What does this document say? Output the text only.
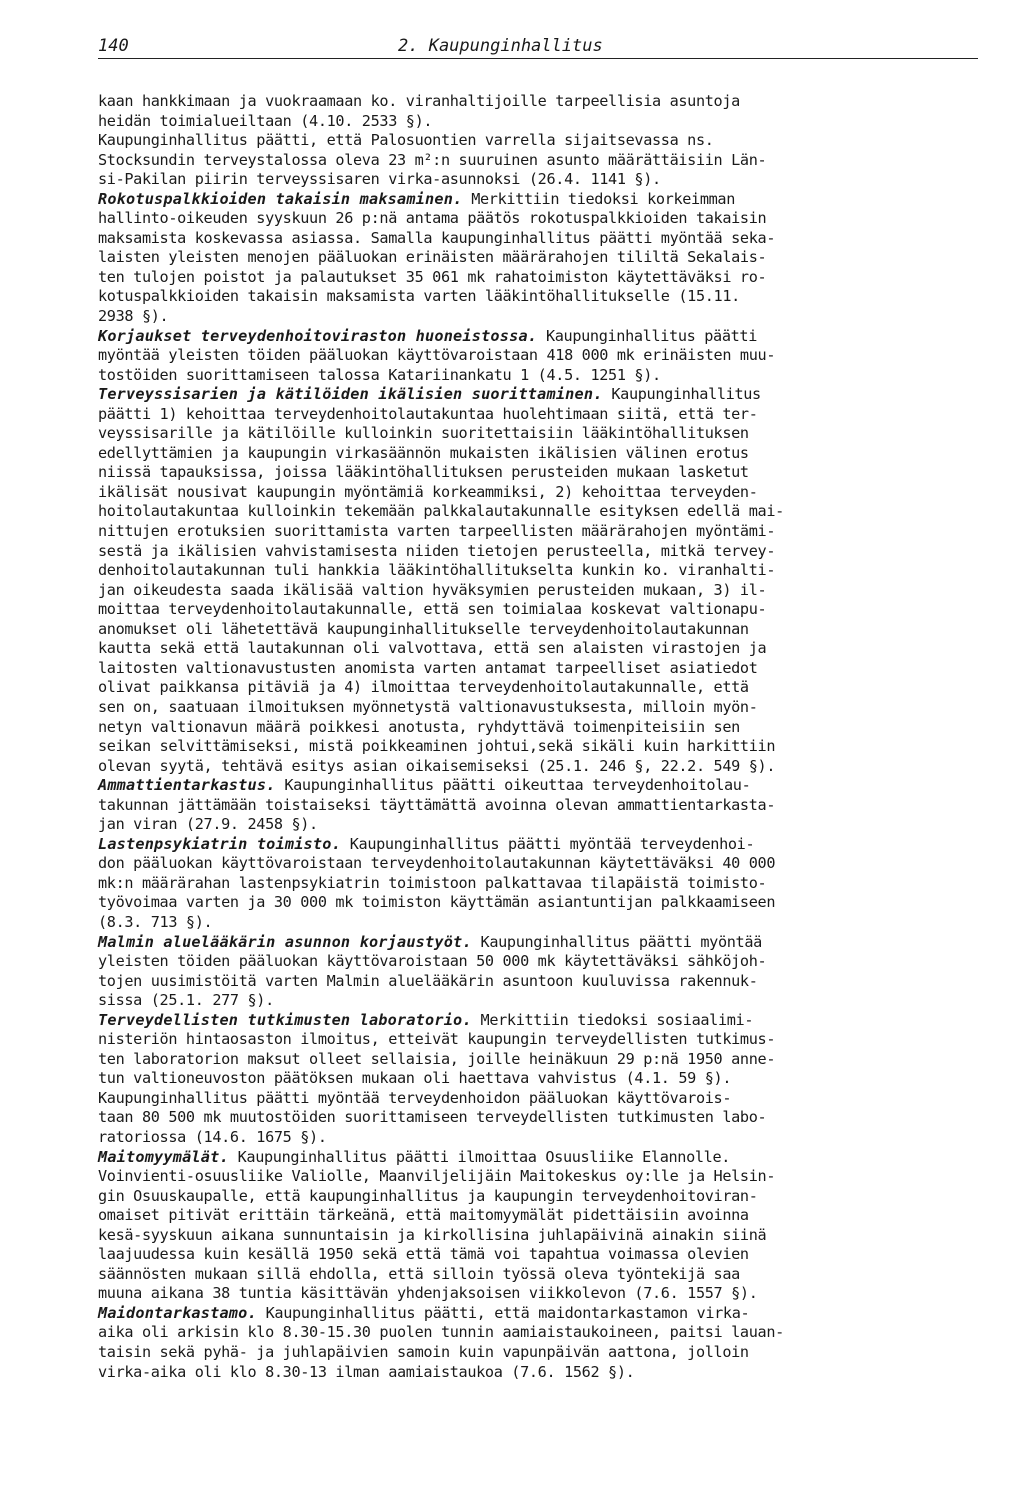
140	2. Kaupunginhallitus
kaan hankkimaan ja vuokraamaan ko. viranhaltijoille tarpeellisia asuntoja
heidän toimialueiltaan (4.10. 2533 §).
Kaupunginhallitus päätti, että Palosuontien varrella sijaitsevassa ns.
Stocksundin terveystalossa oleva 23 m²:n suuruinen asunto määrättäisiin Län-
si-Pakilan piirin terveyssisaren virka-asunnoksi (26.4. 1141 §).
Rokotuspalkkioiden takaisin maksaminen. Merkittiin tiedoksi korkeimman
hallinto-oikeuden syyskuun 26 p:nä antama päätös rokotuspalkkioiden takaisin
maksamista koskevassa asiassa. Samalla kaupunginhallitus päätti myöntää seka-
laisten yleisten menojen pääluokan erinäisten määrärahojen tililtä Sekalais-
ten tulojen poistot ja palautukset 35 061 mk rahatoimiston käytettäväksi ro-
kotuspalkkioiden takaisin maksamista varten lääkintöhallitukselle (15.11.
2938 §).
Korjaukset terveydenhoitoviraston huoneistossa. Kaupunginhallitus päätti
myöntää yleisten töiden pääluokan käyttövaroistaan 418 000 mk erinäisten muu-
tostöiden suorittamiseen talossa Katariinankatu 1 (4.5. 1251 §).
Terveyssisarien ja kätilöiden ikälisien suorittaminen. Kaupunginhallitus
päätti 1) kehoittaa terveydenhoitolautakuntaa huolehtimaan siitä, että ter-
veyssisarille ja kätilöille kulloinkin suoritettaisiin lääkintöhallituksen
edellyttämien ja kaupungin virkasäännön mukaisten ikälisien välinen erotus
niissä tapauksissa, joissa lääkintöhallituksen perusteiden mukaan lasketut
ikälisät nousivat kaupungin myöntämiä korkeammiksi, 2) kehoittaa terveyden-
hoitolautakuntaa kulloinkin tekemään palkkalautakunnalle esityksen edellä mai-
nittujen erotuksien suorittamista varten tarpeellisten määrärahojen myöntämi-
sestä ja ikälisien vahvistamisesta niiden tietojen perusteella, mitkä tervey-
denhoitolautakunnan tuli hankkia lääkintöhallitukselta kunkin ko. viranhalti-
jan oikeudesta saada ikälisää valtion hyväksymien perusteiden mukaan, 3) il-
moittaa terveydenhoitolautakunnalle, että sen toimialaa koskevat valtionapu-
anomukset oli lähetettävä kaupunginhallitukselle terveydenhoitolautakunnan
kautta sekä että lautakunnan oli valvottava, että sen alaisten virastojen ja
laitosten valtionavustusten anomista varten antamat tarpeelliset asiatiedot
olivat paikkansa pitäviä ja 4) ilmoittaa terveydenhoitolautakunnalle, että
sen on, saatuaan ilmoituksen myönnetystä valtionavustuksesta, milloin myön-
netyn valtionavun määrä poikkesi anotusta, ryhdyttävä toimenpiteisiin sen
seikan selvittämiseksi, mistä poikkeaminen johtui,sekä sikäli kuin harkittiin
olevan syytä, tehtävä esitys asian oikaisemiseksi (25.1. 246 §, 22.2. 549 §).
Ammattientarkastus. Kaupunginhallitus päätti oikeuttaa terveydenhoitolau-
takunnan jättämään toistaiseksi täyttämättä avoinna olevan ammattientarkasta-
jan viran (27.9. 2458 §).
Lastenpsykiatrin toimisto. Kaupunginhallitus päätti myöntää terveydenhoi-
don pääluokan käyttövaroistaan terveydenhoitolautakunnan käytettäväksi 40 000
mk:n määrärahan lastenpsykiatrin toimistoon palkattavaa tilapäistä toimisto-
työvoimaa varten ja 30 000 mk toimiston käyttämän asiantuntijan palkkaamiseen
(8.3. 713 §).
Malmin aluelääkärin asunnon korjaustyöt. Kaupunginhallitus päätti myöntää
yleisten töiden pääluokan käyttövaroistaan 50 000 mk käytettäväksi sähköjoh-
tojen uusimistöitä varten Malmin aluelääkärin asuntoon kuuluvissa rakennuk-
sissa (25.1. 277 §).
Terveydellisten tutkimusten laboratorio. Merkittiin tiedoksi sosiaalimi-
nisteriön hintaosaston ilmoitus, etteivät kaupungin terveydellisten tutkimus-
ten laboratorion maksut olleet sellaisia, joille heinäkuun 29 p:nä 1950 anne-
tun valtioneuvoston päätöksen mukaan oli haettava vahvistus (4.1. 59 §).
Kaupunginhallitus päätti myöntää terveydenhoidon pääluokan käyttövarois-
taan 80 500 mk muutostöiden suorittamiseen terveydellisten tutkimusten labo-
ratoriossa (14.6. 1675 §).
Maitomyymälät. Kaupunginhallitus päätti ilmoittaa Osuusliike Elannolle.
Voinvienti-osuusliike Valiolle, Maanviljelijäin Maitokeskus oy:lle ja Helsin-
gin Osuuskaupalle, että kaupunginhallitus ja kaupungin terveydenhoitoviran-
omaiset pitivät erittäin tärkeänä, että maitomyymälät pidettäisiin avoinna
kesä-syyskuun aikana sunnuntaisin ja kirkollisina juhlapäivinä ainakin siinä
laajuudessa kuin kesällä 1950 sekä että tämä voi tapahtua voimassa olevien
säännösten mukaan sillä ehdolla, että silloin työssä oleva työntekijä saa
muuna aikana 38 tuntia käsittävän yhdenjaksoisen viikkolevon (7.6. 1557 §).
Maidontarkastamo. Kaupunginhallitus päätti, että maidontarkastamon virka-
aika oli arkisin klo 8.30-15.30 puolen tunnin aamiaistaukoineen, paitsi lauan-
taisin sekä pyhä- ja juhlapäivien samoin kuin vapunpäivän aattona, jolloin
virka-aika oli klo 8.30-13 ilman aamiaistaukoa (7.6. 1562 §).
